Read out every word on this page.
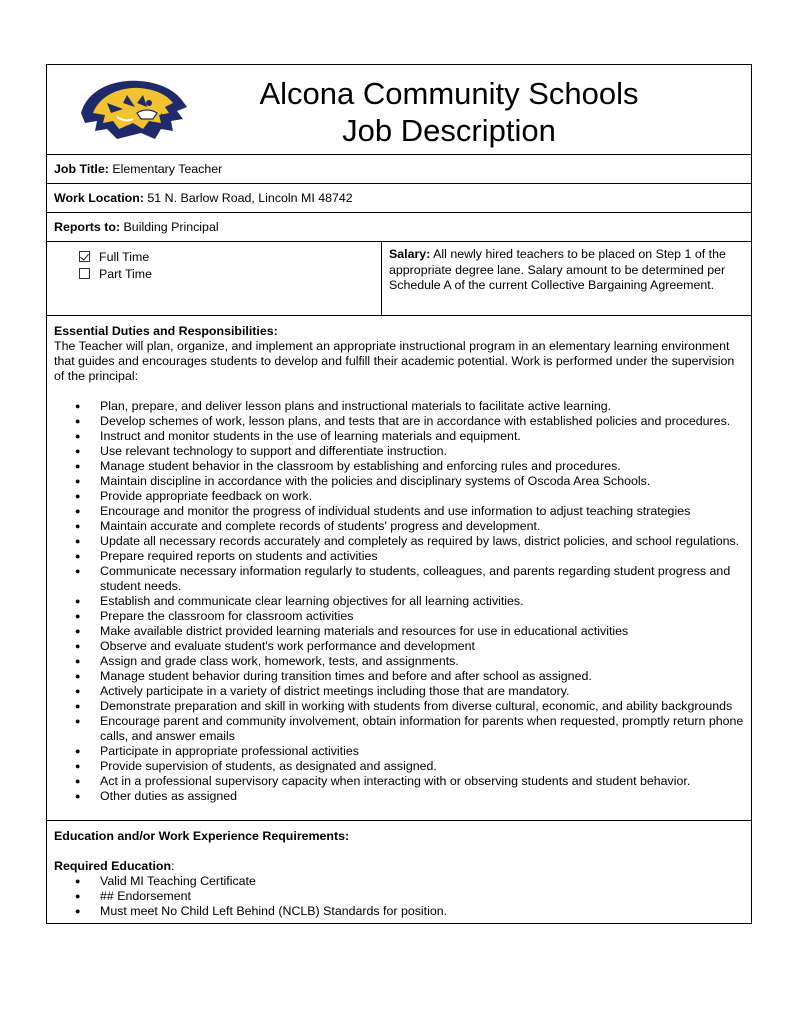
Alcona Community Schools
Job Description
Job Title: Elementary Teacher
Work Location: 51 N. Barlow Road, Lincoln MI 48742
Reports to: Building Principal
Full Time
Part Time
Salary: All newly hired teachers to be placed on Step 1 of the appropriate degree lane. Salary amount to be determined per Schedule A of the current Collective Bargaining Agreement.
Essential Duties and Responsibilities:
The Teacher will plan, organize, and implement an appropriate instructional program in an elementary learning environment that guides and encourages students to develop and fulfill their academic potential. Work is performed under the supervision of the principal:
● Plan, prepare, and deliver lesson plans and instructional materials to facilitate active learning.
● Develop schemes of work, lesson plans, and tests that are in accordance with established policies and procedures.
● Instruct and monitor students in the use of learning materials and equipment.
● Use relevant technology to support and differentiate instruction.
● Manage student behavior in the classroom by establishing and enforcing rules and procedures.
● Maintain discipline in accordance with the policies and disciplinary systems of Oscoda Area Schools.
● Provide appropriate feedback on work.
● Encourage and monitor the progress of individual students and use information to adjust teaching strategies
● Maintain accurate and complete records of students' progress and development.
● Update all necessary records accurately and completely as required by laws, district policies, and school regulations.
● Prepare required reports on students and activities
● Communicate necessary information regularly to students, colleagues, and parents regarding student progress and student needs.
● Establish and communicate clear learning objectives for all learning activities.
● Prepare the classroom for classroom activities
● Make available district provided learning materials and resources for use in educational activities
● Observe and evaluate student's work performance and development
● Assign and grade class work, homework, tests, and assignments.
● Manage student behavior during transition times and before and after school as assigned.
● Actively participate in a variety of district meetings including those that are mandatory.
● Demonstrate preparation and skill in working with students from diverse cultural, economic, and ability backgrounds
● Encourage parent and community involvement, obtain information for parents when requested, promptly return phone calls, and answer emails
● Participate in appropriate professional activities
● Provide supervision of students, as designated and assigned.
● Act in a professional supervisory capacity when interacting with or observing students and student behavior.
● Other duties as assigned
Education and/or Work Experience Requirements:
Required Education:
● Valid MI Teaching Certificate
● ## Endorsement
● Must meet No Child Left Behind (NCLB) Standards for position.
